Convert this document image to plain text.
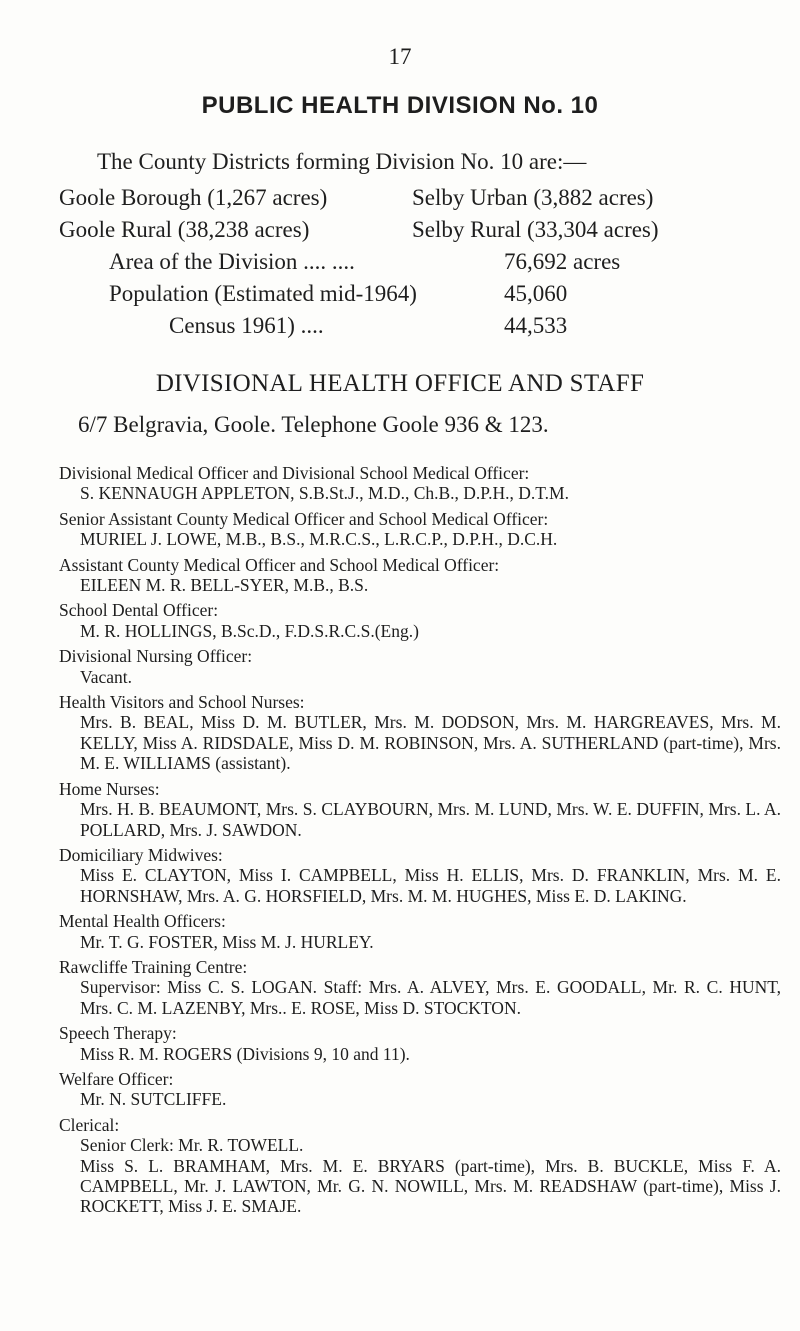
17
PUBLIC HEALTH DIVISION No. 10
The County Districts forming Division No. 10 are:—
Goole Borough (1,267 acres)	Selby Urban (3,882 acres)
Goole Rural (38,238 acres)	Selby Rural (33,304 acres)
Area of the Division .... ....	76,692 acres
Population (Estimated mid-1964)	45,060
Census 1961) ....	44,533
DIVISIONAL HEALTH OFFICE AND STAFF
6/7 Belgravia, Goole. Telephone Goole 936 & 123.
Divisional Medical Officer and Divisional School Medical Officer:
S. KENNAUGH APPLETON, S.B.St.J., M.D., Ch.B., D.P.H., D.T.M.
Senior Assistant County Medical Officer and School Medical Officer:
MURIEL J. LOWE, M.B., B.S., M.R.C.S., L.R.C.P., D.P.H., D.C.H.
Assistant County Medical Officer and School Medical Officer:
EILEEN M. R. BELL-SYER, M.B., B.S.
School Dental Officer:
M. R. HOLLINGS, B.Sc.D., F.D.S.R.C.S.(Eng.)
Divisional Nursing Officer:
Vacant.
Health Visitors and School Nurses:
Mrs. B. BEAL, Miss D. M. BUTLER, Mrs. M. DODSON, Mrs. M. HARGREAVES, Mrs. M. KELLY, Miss A. RIDSDALE, Miss D. M. ROBINSON, Mrs. A. SUTHERLAND (part-time), Mrs. M. E. WILLIAMS (assistant).
Home Nurses:
Mrs. H. B. BEAUMONT, Mrs. S. CLAYBOURN, Mrs. M. LUND, Mrs. W. E. DUFFIN, Mrs. L. A. POLLARD, Mrs. J. SAWDON.
Domiciliary Midwives:
Miss E. CLAYTON, Miss I. CAMPBELL, Miss H. ELLIS, Mrs. D. FRANKLIN, Mrs. M. E. HORNSHAW, Mrs. A. G. HORSFIELD, Mrs. M. M. HUGHES, Miss E. D. LAKING.
Mental Health Officers:
Mr. T. G. FOSTER, Miss M. J. HURLEY.
Rawcliffe Training Centre:
Supervisor: Miss C. S. LOGAN. Staff: Mrs. A. ALVEY, Mrs. E. GOODALL, Mr. R. C. HUNT, Mrs. C. M. LAZENBY, Mrs.. E. ROSE, Miss D. STOCKTON.
Speech Therapy:
Miss R. M. ROGERS (Divisions 9, 10 and 11).
Welfare Officer:
Mr. N. SUTCLIFFE.
Clerical:
Senior Clerk: Mr. R. TOWELL.
Miss S. L. BRAMHAM, Mrs. M. E. BRYARS (part-time), Mrs. B. BUCKLE, Miss F. A. CAMPBELL, Mr. J. LAWTON, Mr. G. N. NOWILL, Mrs. M. READSHAW (part-time), Miss J. ROCKETT, Miss J. E. SMAJE.
